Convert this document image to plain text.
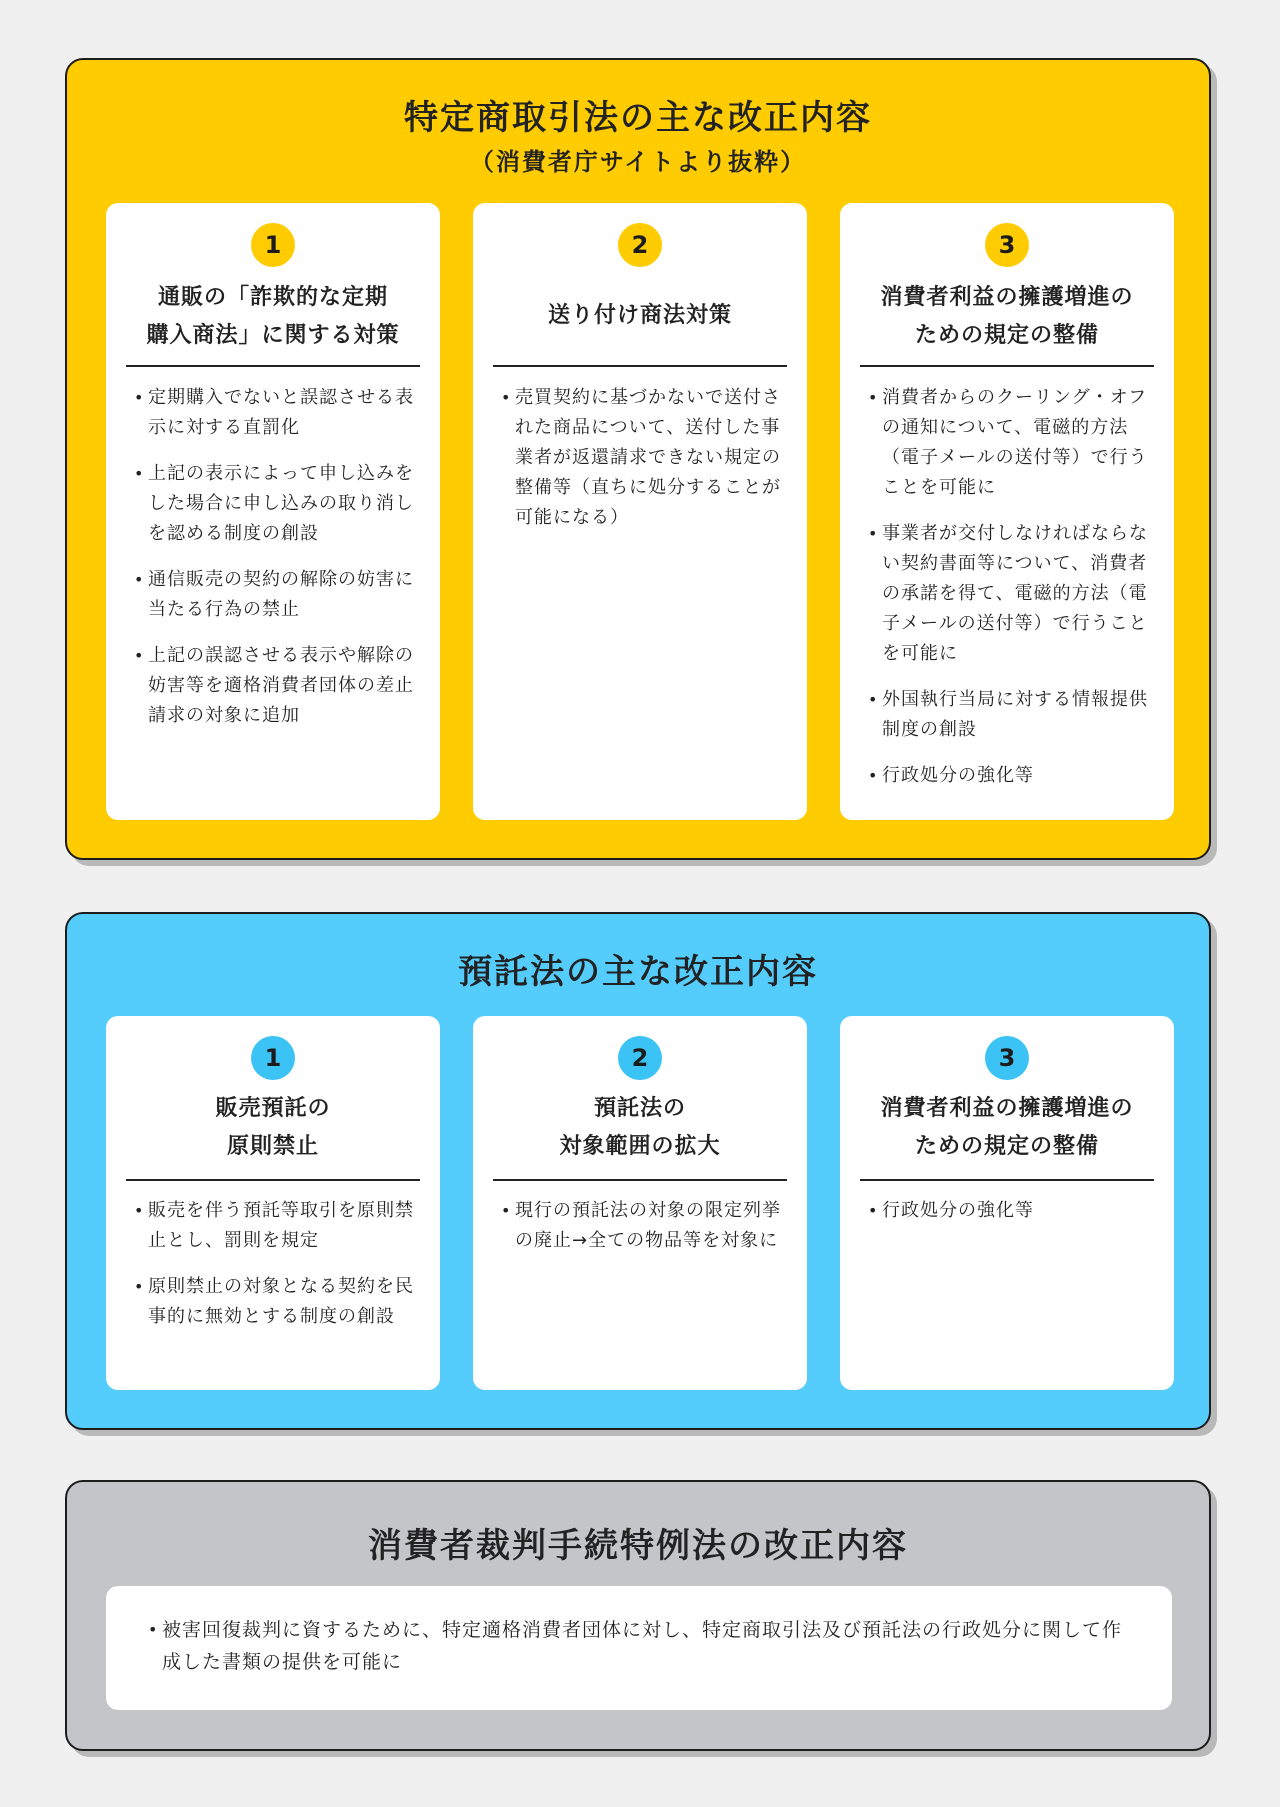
特定商取引法の主な改正内容
（消費者庁サイトより抜粋）
1
通販の「詐欺的な定期
購入商法」に関する対策
• 定期購入でないと誤認させる表示に対する直罰化
• 上記の表示によって申し込みをした場合に申し込みの取り消しを認める制度の創設
• 通信販売の契約の解除の妨害に当たる行為の禁止
• 上記の誤認させる表示や解除の妨害等を適格消費者団体の差止請求の対象に追加
2
送り付け商法対策
• 売買契約に基づかないで送付された商品について、送付した事業者が返還請求できない規定の整備等（直ちに処分することが可能になる）
3
消費者利益の擁護増進の
ための規定の整備
• 消費者からのクーリング・オフの通知について、電磁的方法（電子メールの送付等）で行うことを可能に
• 事業者が交付しなければならない契約書面等について、消費者の承諾を得て、電磁的方法（電子メールの送付等）で行うことを可能に
• 外国執行当局に対する情報提供制度の創設
• 行政処分の強化等
預託法の主な改正内容
1
販売預託の
原則禁止
• 販売を伴う預託等取引を原則禁止とし、罰則を規定
• 原則禁止の対象となる契約を民事的に無効とする制度の創設
2
預託法の
対象範囲の拡大
• 現行の預託法の対象の限定列挙の廃止→全ての物品等を対象に
3
消費者利益の擁護増進の
ための規定の整備
• 行政処分の強化等
消費者裁判手続特例法の改正内容
• 被害回復裁判に資するために、特定適格消費者団体に対し、特定商取引法及び預託法の行政処分に関して作成した書類の提供を可能に
